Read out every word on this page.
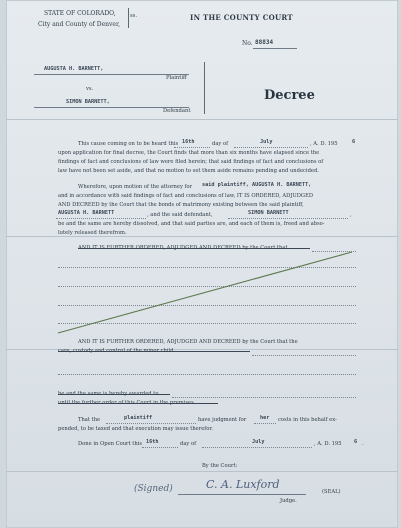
STATE OF COLORADO,	ss.
City and County of Denver,
IN THE COUNTY COURT
No. 88834
AUGUSTA H. BARNETT,
Plaintiff
vs.
SIMON BARNETT,
Defendant
Decree
This cause coming on to be heard this 16th	day of	July	, A. D. 195	6
upon application for final decree, the Court finds that more than six months have elapsed since the
findings of fact and conclusions of law were filed herein; that said findings of fact and conclusions of
law have not been set aside, and that no motion to set them aside remains pending and undecided.
Wherefore, upon motion of the attorney for said plaintiff, AUGUSTA H. BARNETT,
and in accordance with said findings of fact and conclusions of law, IT IS ORDERED, ADJUDGED
AND DECREED by the Court that the bonds of matrimony existing between the said plaintiff,
AUGUSTA H. BARNETT	, and the said defendant,	SIMON BARNETT	,
be and the same are hereby dissolved, and that said parties are, and each of them is, freed and abso-
lutely released therefrom.
AND IT IS FURTHER ORDERED, ADJUDGED AND DECREED by the Court that
AND IT IS FURTHER ORDERED, ADJUDGED AND DECREED by the Court that the
care, custody and control of the minor child
be and the same is hereby awarded to
until the further order of this Court in the premises.
That the	plaintiff	have judgment for	her costs in this behalf ex-
pended, to be taxed and that execution may issue therefor.
Done in Open Court this 16th	day of	July	, A. D. 195 6 .
By the Court:
(Signed)	C. A. Luxford
(SEAL)
Judge.
